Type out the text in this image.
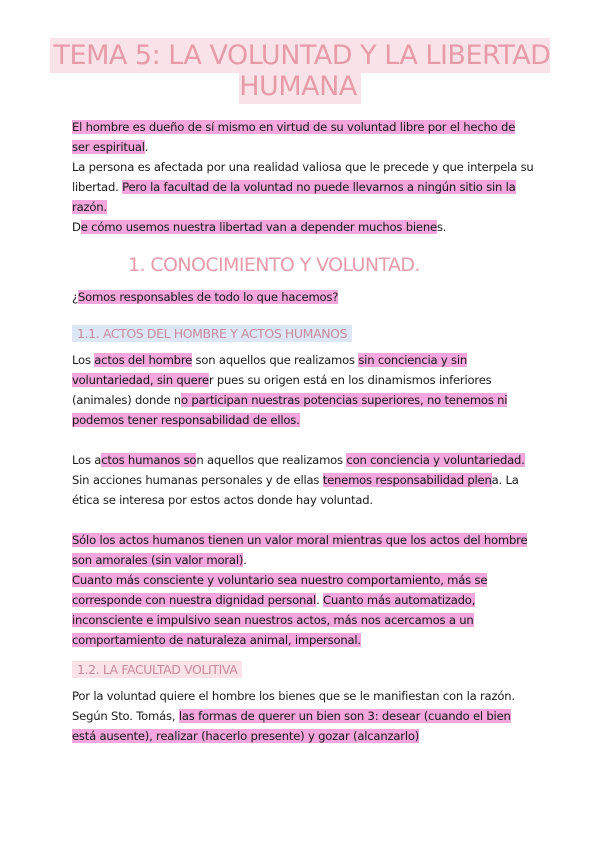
TEMA 5: LA VOLUNTAD Y LA LIBERTAD HUMANA

El hombre es dueño de sí mismo en virtud de su voluntad libre por el hecho de ser espiritual.

La persona es afectada por una realidad valiosa que le precede y que interpela su libertad. Pero la facultad de la voluntad no puede llevarnos a ningún sitio sin la razón.

De cómo usemos nuestra libertad van a depender muchos bienes.

1. CONOCIMIENTO Y VOLUNTAD.

¿Somos responsables de todo lo que hacemos?

1.1. ACTOS DEL HOMBRE Y ACTOS HUMANOS

Los actos del hombre son aquellos que realizamos sin conciencia y sin voluntariedad, sin querer pues su origen está en los dinamismos inferiores (animales) donde no participan nuestras potencias superiores, no tenemos ni podemos tener responsabilidad de ellos.

Los actos humanos son aquellos que realizamos con conciencia y voluntariedad. Sin acciones humanas personales y de ellas tenemos responsabilidad plena. La ética se interesa por estos actos donde hay voluntad.

Sólo los actos humanos tienen un valor moral mientras que los actos del hombre son amorales (sin valor moral).

Cuanto más consciente y voluntario sea nuestro comportamiento, más se corresponde con nuestra dignidad personal. Cuanto más automatizado, inconsciente e impulsivo sean nuestros actos, más nos acercamos a un comportamiento de naturaleza animal, impersonal.

1.2. LA FACULTAD VOLITIVA

Por la voluntad quiere el hombre los bienes que se le manifiestan con la razón. Según Sto. Tomás, las formas de querer un bien son 3: desear (cuando el bien está ausente), realizar (hacerlo presente) y gozar (alcanzarlo)
